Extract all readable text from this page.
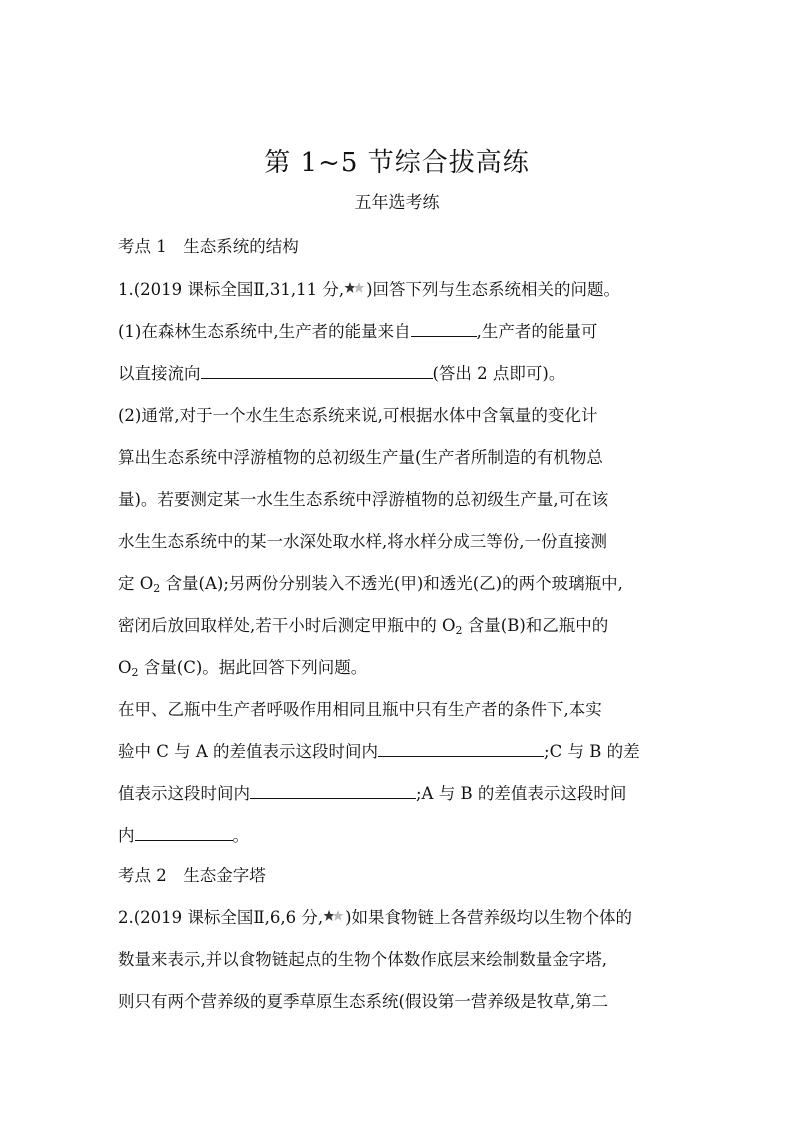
第 1~5 节综合拔高练
五年选考练
考点 1　生态系统的结构
1.(2019 课标全国Ⅱ,31,11 分, )回答下列与生态系统相关的问题。
(1)在森林生态系统中,生产者的能量来自	,生产者的能量可
以直接流向	(答出 2 点即可)。
(2)通常,对于一个水生生态系统来说,可根据水体中含氧量的变化计
算出生态系统中浮游植物的总初级生产量(生产者所制造的有机物总
量)。若要测定某一水生生态系统中浮游植物的总初级生产量,可在该
水生生态系统中的某一水深处取水样,将水样分成三等份,一份直接测
定 $O_2$ 含量(A);另两份分别装入不透光(甲)和透光(乙)的两个玻璃瓶中,
密闭后放回取样处,若干小时后测定甲瓶中的 $O_2$ 含量(B)和乙瓶中的
$O_2$ 含量(C)。据此回答下列问题。
在甲、乙瓶中生产者呼吸作用相同且瓶中只有生产者的条件下,本实
验中 C 与 A 的差值表示这段时间内	;C 与 B 的差
值表示这段时间内	;A 与 B 的差值表示这段时间
内	。
考点 2　生态金字塔
2.(2019 课标全国Ⅱ,6,6 分, )如果食物链上各营养级均以生物个体的
数量来表示,并以食物链起点的生物个体数作底层来绘制数量金字塔,
则只有两个营养级的夏季草原生态系统(假设第一营养级是牧草,第二
